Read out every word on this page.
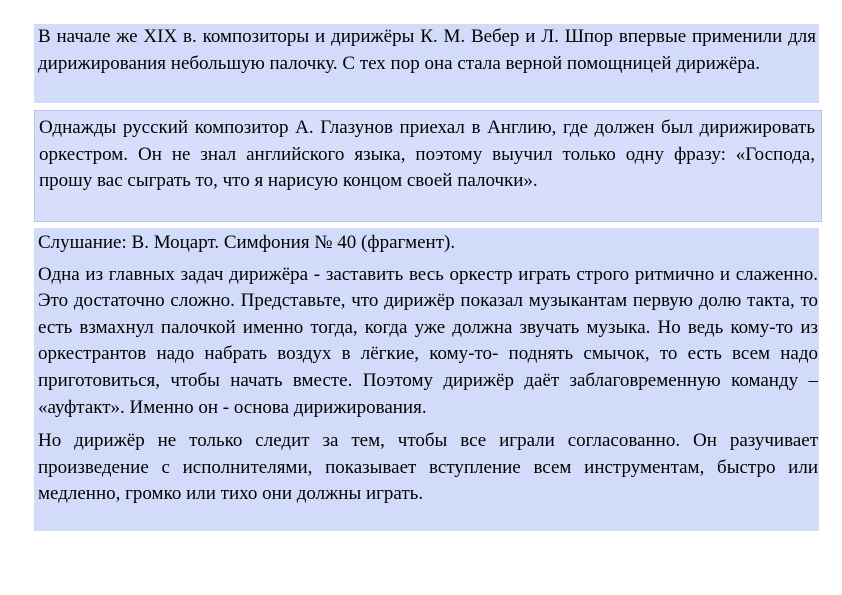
В начале же XIX в. композиторы и дирижёры К. М. Вебер и Л. Шпор впервые применили для дирижирования небольшую палочку. С тех пор она стала верной помощницей дирижёра.
Однажды русский композитор А. Глазунов приехал в Англию, где должен был дирижировать оркестром. Он не знал английского языка, поэтому выучил только одну фразу: «Господа, прошу вас сыграть то, что я нарисую концом своей палочки».
Слушание: В. Моцарт. Симфония № 40 (фрагмент).
Одна из главных задач дирижёра - заставить весь оркестр играть строго ритмично и слаженно. Это достаточно сложно. Представьте, что дирижёр показал музыкантам первую долю такта, то есть взмахнул палочкой именно тогда, когда уже должна звучать музыка. Но ведь кому-то из оркестрантов надо набрать воздух в лёгкие, кому-то- поднять смычок, то есть всем надо приготовиться, чтобы начать вместе. Поэтому дирижёр даёт заблаговременную команду – «ауфтакт». Именно он - основа дирижирования.
Но дирижёр не только следит за тем, чтобы все играли согласованно. Он разучивает произведение с исполнителями, показывает вступление всем инструментам, быстро или медленно, громко или тихо они должны играть.
